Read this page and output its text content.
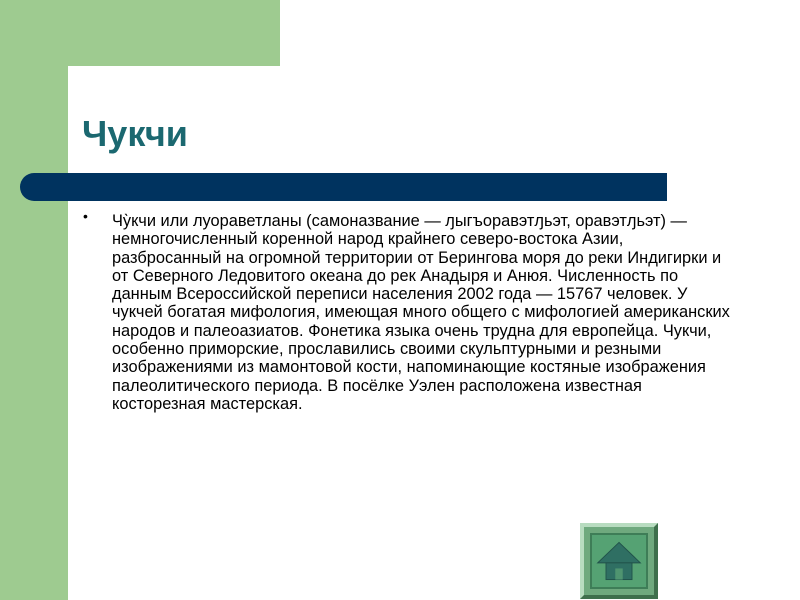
Чукчи
• Чу̀кчи или луораветланы (самоназвание — ԓыгъоравэтԓьэт, оравэтԓьэт) — немногочисленный коренной народ крайнего северо-востока Азии, разбросанный на огромной территории от Берингова моря до реки Индигирки и от Северного Ледовитого океана до рек Анадыря и Анюя. Численность по данным Всероссийской переписи населения 2002 года — 15767 человек. У чукчей богатая мифология, имеющая много общего с мифологией американских народов и палеоазиатов. Фонетика языка очень трудна для европейца. Чукчи, особенно приморские, прославились своими скульптурными и резными изображениями из мамонтовой кости, напоминающие костяные изображения палеолитического периода. В посёлке Уэлен расположена известная косторезная мастерская.
